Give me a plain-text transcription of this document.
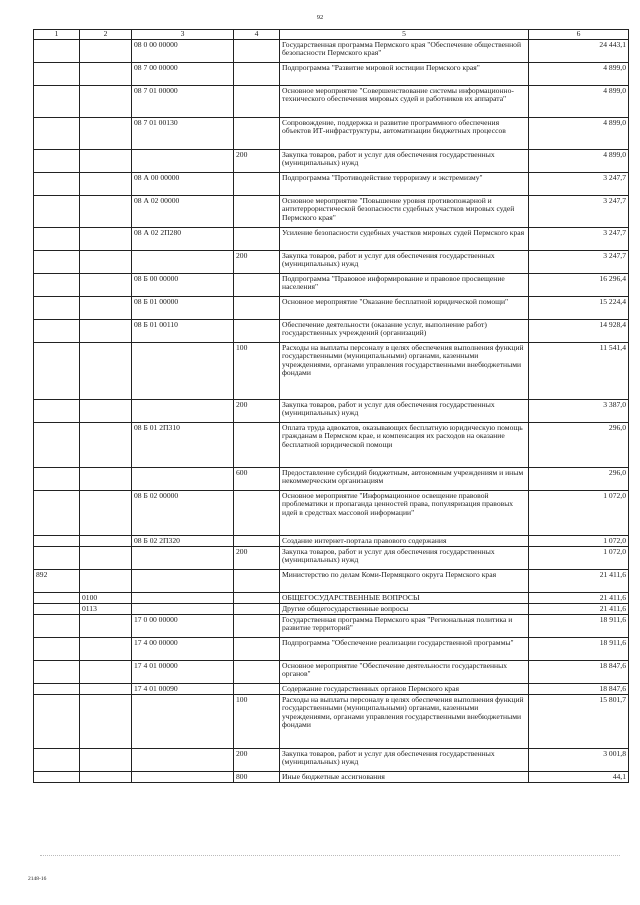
92
1	2	3	4	5	6
		08 0 00 00000		Государственная программа Пермского края "Обеспечение общественной безопасности Пермского края"	24 443,1
		08 7 00 00000		Подпрограмма "Развитие мировой юстиции Пермского края"	4 899,0
		08 7 01 00000		Основное мероприятие "Совершенствование системы информационно-технического обеспечения мировых судей и работников их аппарата"	4 899,0
		08 7 01 00130		Сопровождение, поддержка и развитие программного обеспечения объектов ИТ-инфраструктуры, автоматизации бюджетных процессов	4 899,0
			200	Закупка товаров, работ и услуг для обеспечения государственных (муниципальных) нужд	4 899,0
		08 А 00 00000		Подпрограмма "Противодействие терроризму и экстремизму"	3 247,7
		08 А 02 00000		Основное мероприятие "Повышение уровня противопожарной и антитеррористической безопасности судебных участков мировых судей Пермского края"	3 247,7
		08 А 02 2П280		Усиление безопасности судебных участков мировых судей Пермского края	3 247,7
			200	Закупка товаров, работ и услуг для обеспечения государственных (муниципальных) нужд	3 247,7
		08 Б 00 00000		Подпрограмма "Правовое информирование и правовое просвещение населения"	16 296,4
		08 Б 01 00000		Основное мероприятие "Оказание бесплатной юридической помощи"	15 224,4
		08 Б 01 00110		Обеспечение деятельности (оказание услуг, выполнение работ) государственных учреждений (организаций)	14 928,4
			100	Расходы на выплаты персоналу в целях обеспечения выполнения функций государственными (муниципальными) органами, казенными учреждениями, органами управления государственными внебюджетными фондами	11 541,4
			200	Закупка товаров, работ и услуг для обеспечения государственных (муниципальных) нужд	3 387,0
		08 Б 01 2П310		Оплата труда адвокатов, оказывающих бесплатную юридическую помощь гражданам в Пермском крае, и компенсация их расходов на оказание бесплатной юридической помощи	296,0
			600	Предоставление субсидий бюджетным, автономным учреждениям и иным некоммерческим организациям	296,0
		08 Б 02 00000		Основное мероприятие "Информационное освещение правовой проблематики и пропаганда ценностей права, популяризация правовых идей в средствах массовой информации"	1 072,0
		08 Б 02 2П320		Создание интернет-портала правового содержания	1 072,0
			200	Закупка товаров, работ и услуг для обеспечения государственных (муниципальных) нужд	1 072,0
892				Министерство по делам Коми-Пермяцкого округа Пермского края	21 411,6
	0100			ОБЩЕГОСУДАРСТВЕННЫЕ ВОПРОСЫ	21 411,6
	0113			Другие общегосударственные вопросы	21 411,6
		17 0 00 00000		Государственная программа Пермского края "Региональная политика и развитие территорий"	18 911,6
		17 4 00 00000		Подпрограмма "Обеспечение реализации государственной программы"	18 911,6
		17 4 01 00000		Основное мероприятие "Обеспечение деятельности государственных органов"	18 847,6
		17 4 01 00090		Содержание государственных органов Пермского края	18 847,6
			100	Расходы на выплаты персоналу в целях обеспечения выполнения функций государственными (муниципальными) органами, казенными учреждениями, органами управления государственными внебюджетными фондами	15 801,7
			200	Закупка товаров, работ и услуг для обеспечения государственных (муниципальных) нужд	3 001,8
			800	Иные бюджетные ассигнования	44,1
2148-16
